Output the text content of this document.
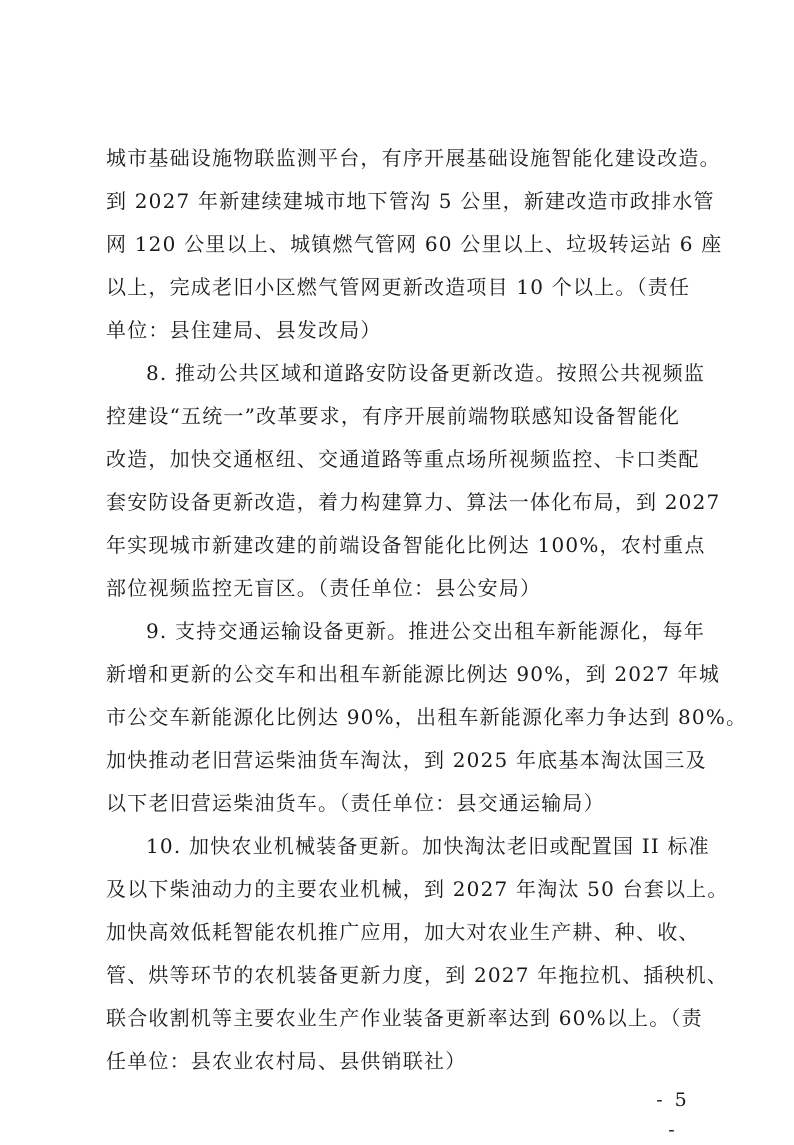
城市基础设施物联监测平台，有序开展基础设施智能化建设改造。
到 2027 年新建续建城市地下管沟 5 公里，新建改造市政排水管
网 120 公里以上、城镇燃气管网 60 公里以上、垃圾转运站 6 座
以上，完成老旧小区燃气管网更新改造项目 10 个以上。（责任
单位：县住建局、县发改局）
8. 推动公共区域和道路安防设备更新改造。按照公共视频监
控建设“五统一”改革要求，有序开展前端物联感知设备智能化
改造，加快交通枢纽、交通道路等重点场所视频监控、卡口类配
套安防设备更新改造，着力构建算力、算法一体化布局，到 2027
年实现城市新建改建的前端设备智能化比例达 100%，农村重点
部位视频监控无盲区。（责任单位：县公安局）
9. 支持交通运输设备更新。推进公交出租车新能源化，每年
新增和更新的公交车和出租车新能源比例达 90%，到 2027 年城
市公交车新能源化比例达 90%，出租车新能源化率力争达到 80%。
加快推动老旧营运柴油货车淘汰，到 2025 年底基本淘汰国三及
以下老旧营运柴油货车。（责任单位：县交通运输局）
10. 加快农业机械装备更新。加快淘汰老旧或配置国 II 标准
及以下柴油动力的主要农业机械，到 2027 年淘汰 50 台套以上。
加快高效低耗智能农机推广应用，加大对农业生产耕、种、收、
管、烘等环节的农机装备更新力度，到 2027 年拖拉机、插秧机、
联合收割机等主要农业生产作业装备更新率达到 60%以上。（责
任单位：县农业农村局、县供销联社）
- 5 -
